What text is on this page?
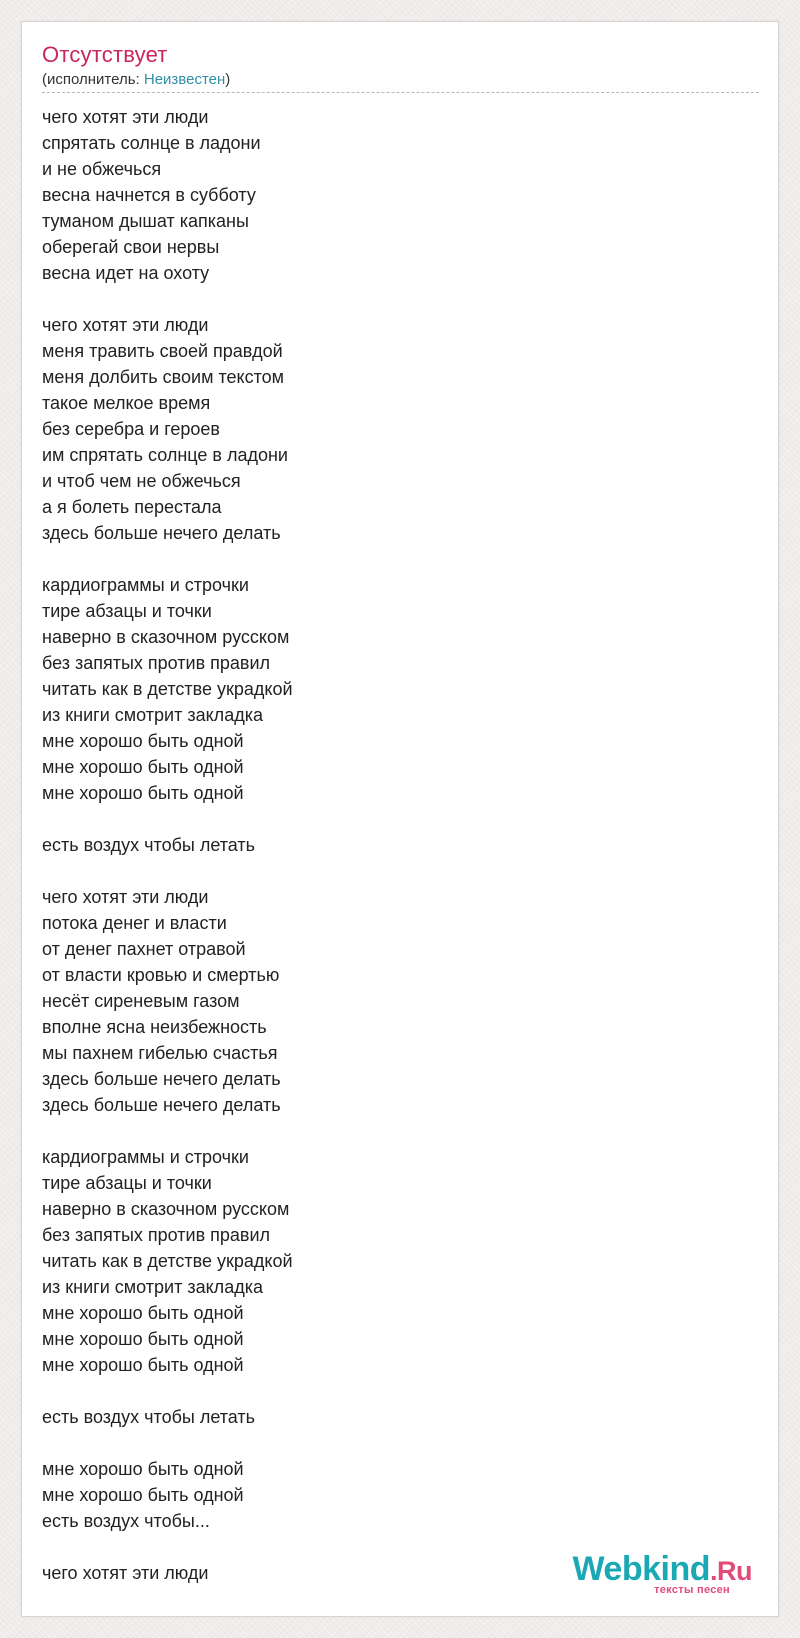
Отсутствует
(исполнитель: Неизвестен)
чего хотят эти люди
спрятать солнце в ладони
и не обжечься
весна начнется в субботу
туманом дышат капканы
оберегай свои нервы
весна идет на охоту
чего хотят эти люди
меня травить своей правдой
меня долбить своим текстом
такое мелкое время
без серебра и героев
им спрятать солнце в ладони
и чтоб чем не обжечься
а я болеть перестала
здесь больше нечего делать
кардиограммы и строчки
тире абзацы и точки
наверно в сказочном русском
без запятых против правил
читать как в детстве украдкой
из книги смотрит закладка
мне хорошо быть одной
мне хорошо быть одной
мне хорошо быть одной
есть воздух чтобы летать
чего хотят эти люди
потока денег и власти
от денег пахнет отравой
от власти кровью и смертью
несёт сиреневым газом
вполне ясна неизбежность
мы пахнем гибелью счастья
здесь больше нечего делать
здесь больше нечего делать
кардиограммы и строчки
тире абзацы и точки
наверно в сказочном русском
без запятых против правил
читать как в детстве украдкой
из книги смотрит закладка
мне хорошо быть одной
мне хорошо быть одной
мне хорошо быть одной
есть воздух чтобы летать
мне хорошо быть одной
мне хорошо быть одной
есть воздух чтобы...
чего хотят эти люди	Webkind.Ru
тексты песен
